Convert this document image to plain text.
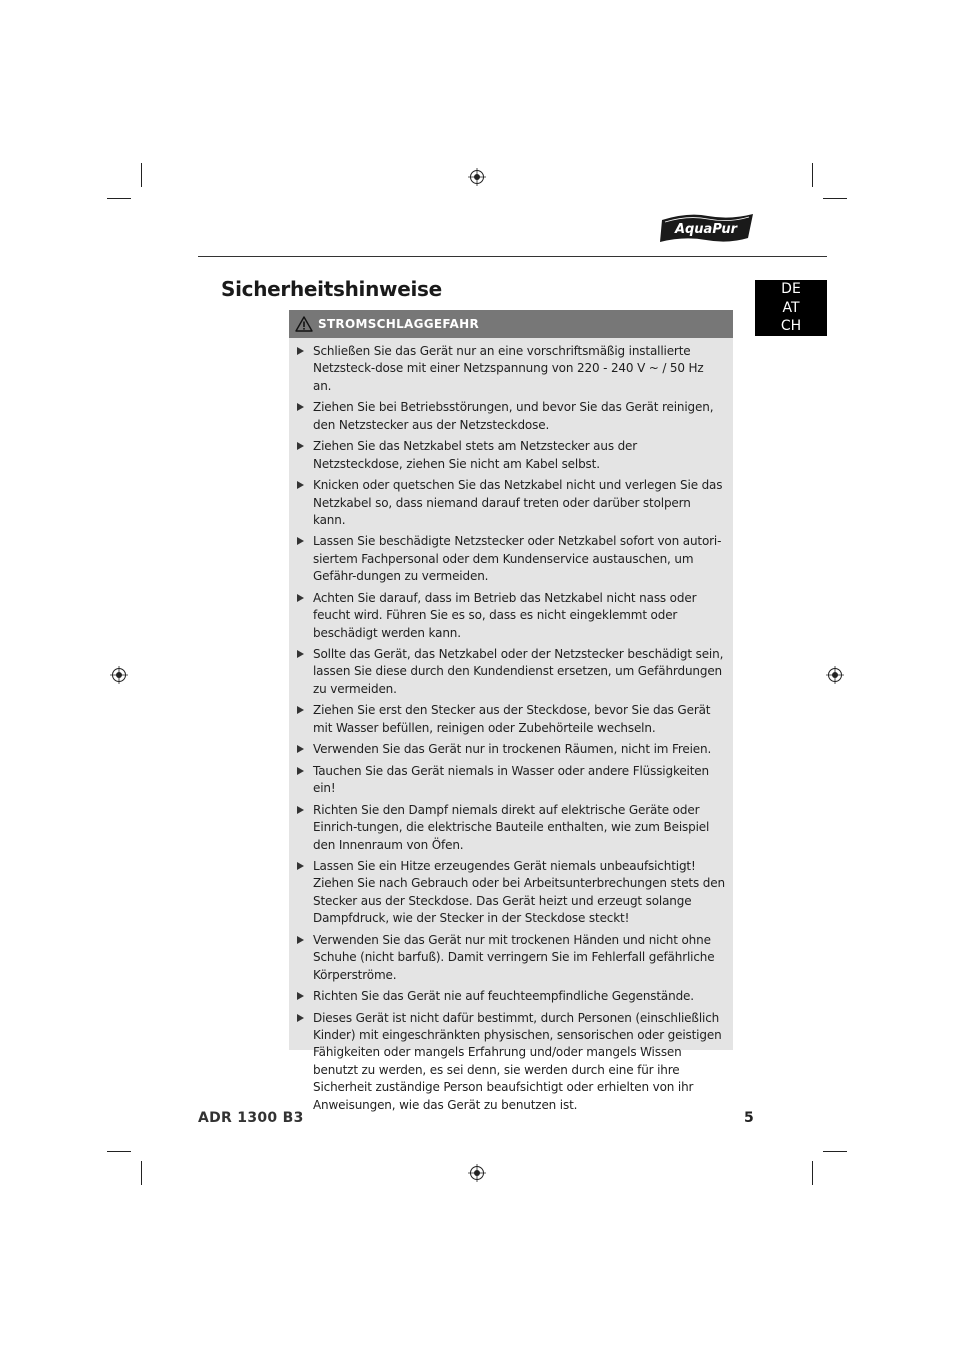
AquaPur
Sicherheitshinweise	DE
AT
CH
STROMSCHLAGGEFAHR
Schließen Sie das Gerät nur an eine vorschriftsmäßig installierte Netzsteck-dose mit einer Netzspannung von 220 - 240 V ~ / 50 Hz an.
Ziehen Sie bei Betriebsstörungen, und bevor Sie das Gerät reinigen, den Netzstecker aus der Netzsteckdose.
Ziehen Sie das Netzkabel stets am Netzstecker aus der Netzsteckdose, ziehen Sie nicht am Kabel selbst.
Knicken oder quetschen Sie das Netzkabel nicht und verlegen Sie das Netzkabel so, dass niemand darauf treten oder darüber stolpern kann.
Lassen Sie beschädigte Netzstecker oder Netzkabel sofort von autori-siertem Fachpersonal oder dem Kundenservice austauschen, um Gefähr-dungen zu vermeiden.
Achten Sie darauf, dass im Betrieb das Netzkabel nicht nass oder feucht wird. Führen Sie es so, dass es nicht eingeklemmt oder beschädigt werden kann.
Sollte das Gerät, das Netzkabel oder der Netzstecker beschädigt sein, lassen Sie diese durch den Kundendienst ersetzen, um Gefährdungen zu vermeiden.
Ziehen Sie erst den Stecker aus der Steckdose, bevor Sie das Gerät mit Wasser befüllen, reinigen oder Zubehörteile wechseln.
Verwenden Sie das Gerät nur in trockenen Räumen, nicht im Freien.
Tauchen Sie das Gerät niemals in Wasser oder andere Flüssigkeiten ein!
Richten Sie den Dampf niemals direkt auf elektrische Geräte oder Einrich-tungen, die elektrische Bauteile enthalten, wie zum Beispiel den Innenraum von Öfen.
Lassen Sie ein Hitze erzeugendes Gerät niemals unbeaufsichtigt! Ziehen Sie nach Gebrauch oder bei Arbeitsunterbrechungen stets den Stecker aus der Steckdose. Das Gerät heizt und erzeugt solange Dampfdruck, wie der Stecker in der Steckdose steckt!
Verwenden Sie das Gerät nur mit trockenen Händen und nicht ohne Schuhe (nicht barfuß). Damit verringern Sie im Fehlerfall gefährliche Körperströme.
Richten Sie das Gerät nie auf feuchteempfindliche Gegenstände.
Dieses Gerät ist nicht dafür bestimmt, durch Personen (einschließlich Kinder) mit eingeschränkten physischen, sensorischen oder geistigen Fähigkeiten oder mangels Erfahrung und/oder mangels Wissen benutzt zu werden, es sei denn, sie werden durch eine für ihre Sicherheit zuständige Person beaufsichtigt oder erhielten von ihr Anweisungen, wie das Gerät zu benutzen ist.
ADR 1300 B3	5
